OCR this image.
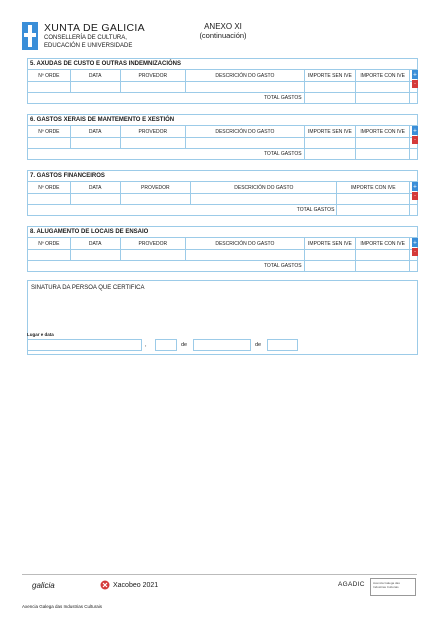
XUNTA DE GALICIA
CONSELLERÍA DE CULTURA,
EDUCACIÓN E UNIVERSIDADE
ANEXO XI
(continuación)
5. AXUDAS DE CUSTO E OUTRAS INDEMNIZACIÓNS
Nº ORDE	DATA	PROVEDOR	DESCRICIÓN DO GASTO	IMPORTE SEN IVE	IMPORTE CON IVE
TOTAL GASTOS
+
-
6. GASTOS XERAIS DE MANTEMENTO E XESTIÓN
Nº ORDE	DATA	PROVEDOR	DESCRICIÓN DO GASTO	IMPORTE SEN IVE	IMPORTE CON IVE
TOTAL GASTOS
+
-
7. GASTOS FINANCEIROS
Nº ORDE	DATA	PROVEDOR	DESCRICIÓN DO GASTO	IMPORTE CON IVE
TOTAL GASTOS
+
-
8. ALUGAMENTO DE LOCAIS DE ENSAIO
Nº ORDE	DATA	PROVEDOR	DESCRICIÓN DO GASTO	IMPORTE SEN IVE	IMPORTE CON IVE
TOTAL GASTOS
+
-
SINATURA DA PERSOA QUE CERTIFICA
Lugar e data
,	de	de
galicia	Xacobeo 2021	AGADIC	Axencia Galega das Industrias Culturais
Axencia Galega das Industrias Culturais
